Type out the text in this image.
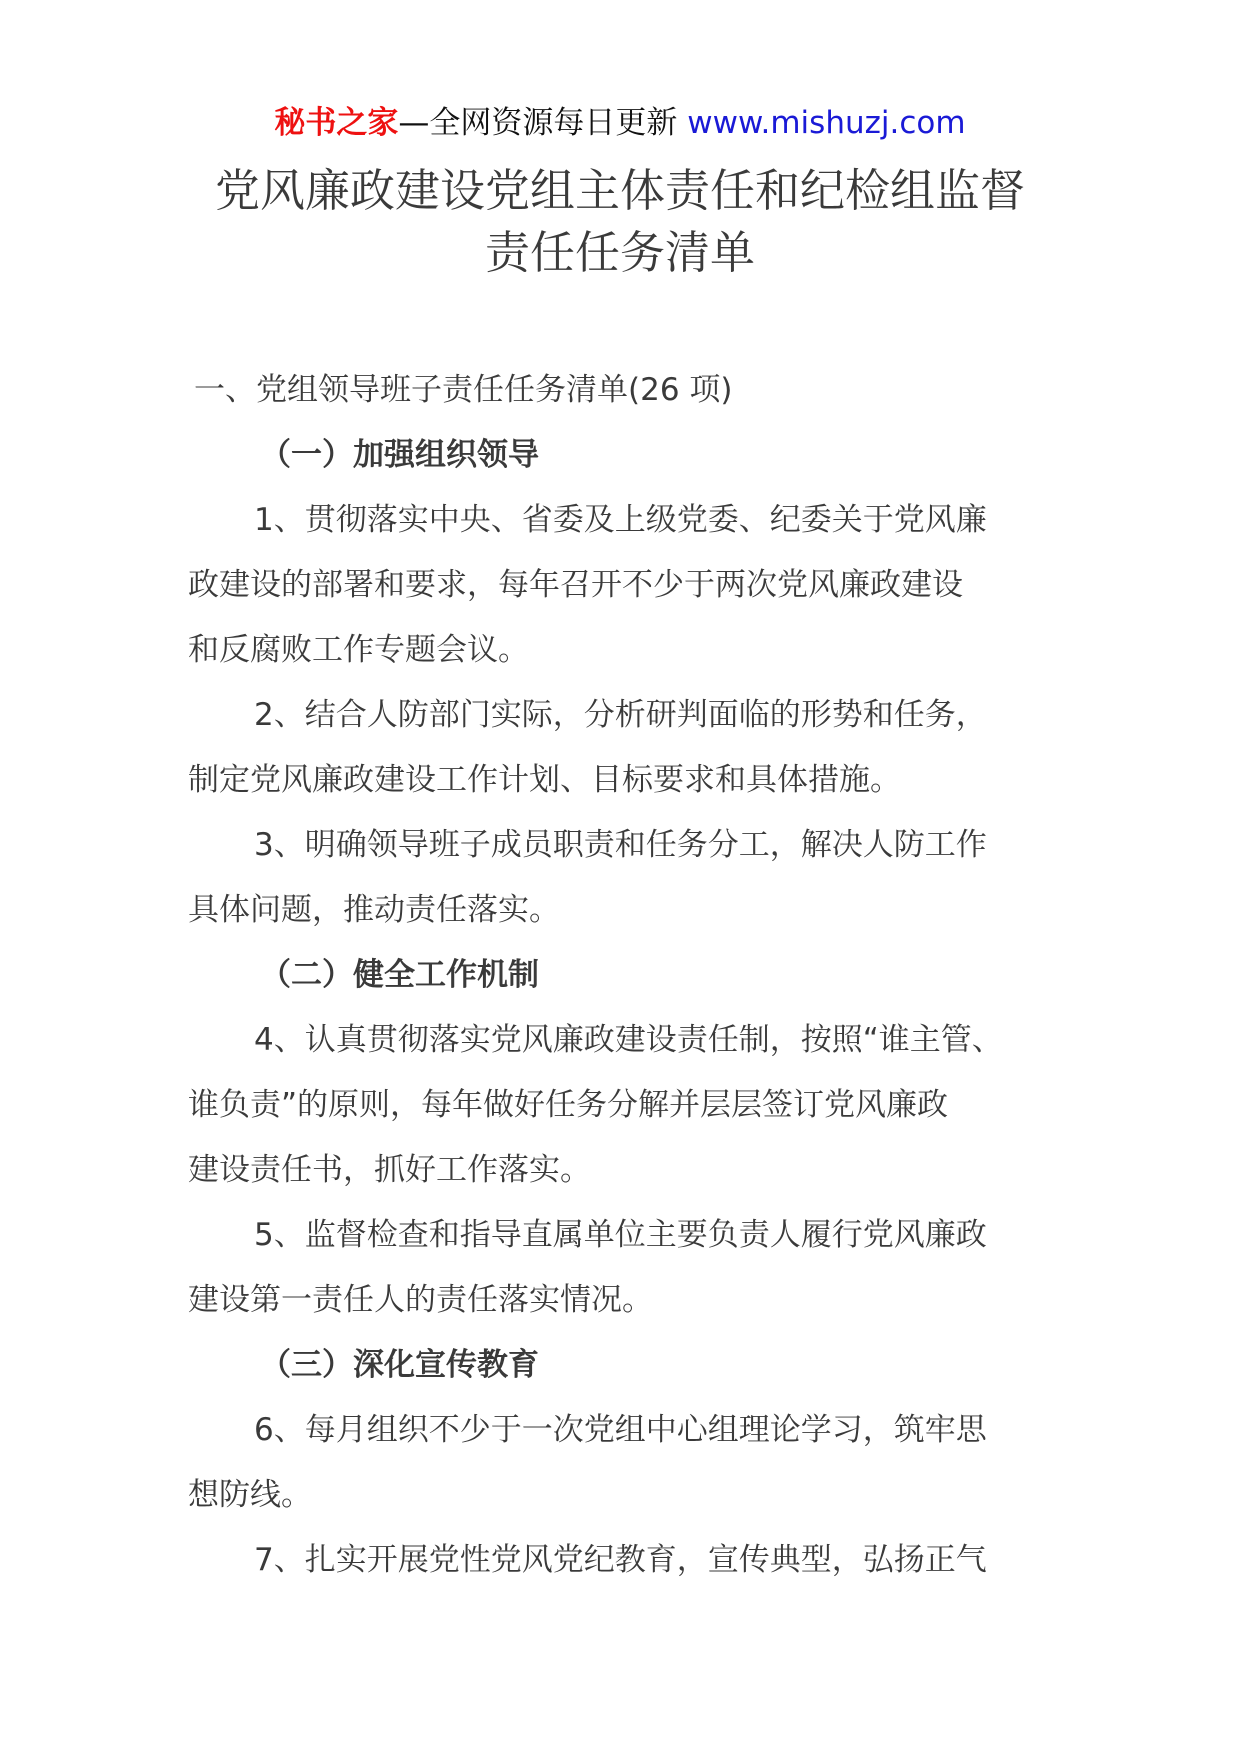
秘书之家—全网资源每日更新 www.mishuzj.com
党风廉政建设党组主体责任和纪检组监督
责任任务清单
一、党组领导班子责任任务清单(26 项)
（一）加强组织领导
1、贯彻落实中央、省委及上级党委、纪委关于党风廉
政建设的部署和要求，每年召开不少于两次党风廉政建设
和反腐败工作专题会议。
2、结合人防部门实际，分析研判面临的形势和任务，
制定党风廉政建设工作计划、目标要求和具体措施。
3、明确领导班子成员职责和任务分工，解决人防工作
具体问题，推动责任落实。
（二）健全工作机制
4、认真贯彻落实党风廉政建设责任制，按照“谁主管、
谁负责”的原则，每年做好任务分解并层层签订党风廉政
建设责任书，抓好工作落实。
5、监督检查和指导直属单位主要负责人履行党风廉政
建设第一责任人的责任落实情况。
（三）深化宣传教育
6、每月组织不少于一次党组中心组理论学习，筑牢思
想防线。
7、扎实开展党性党风党纪教育，宣传典型，弘扬正气
